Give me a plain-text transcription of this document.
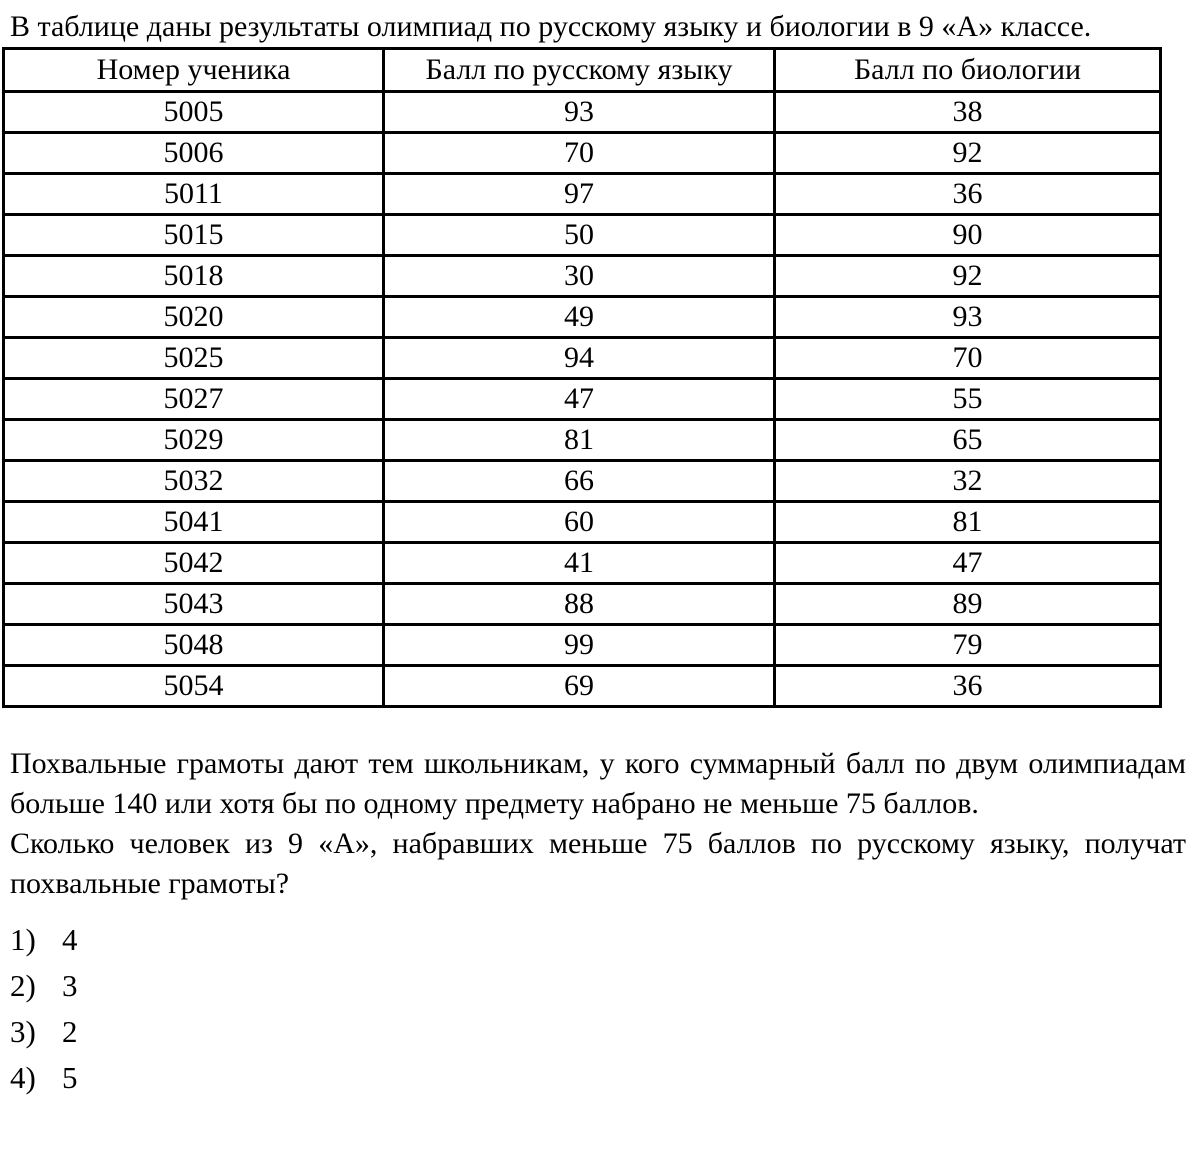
В таблице даны результаты олимпиад по русскому языку и биологии в 9 «А» классе.

Номер ученика	Балл по русскому языку	Балл по биологии
5005	93	38
5006	70	92
5011	97	36
5015	50	90
5018	30	92
5020	49	93
5025	94	70
5027	47	55
5029	81	65
5032	66	32
5041	60	81
5042	41	47
5043	88	89
5048	99	79
5054	69	36

Похвальные грамоты дают тем школьникам, у кого суммарный балл по двум олимпиадам больше 140 или хотя бы по одному предмету набрано не меньше 75 баллов.

Сколько человек из 9 «А», набравших меньше 75 баллов по русскому языку, получат похвальные грамоты?

1) 4
2) 3
3) 2
4) 5
